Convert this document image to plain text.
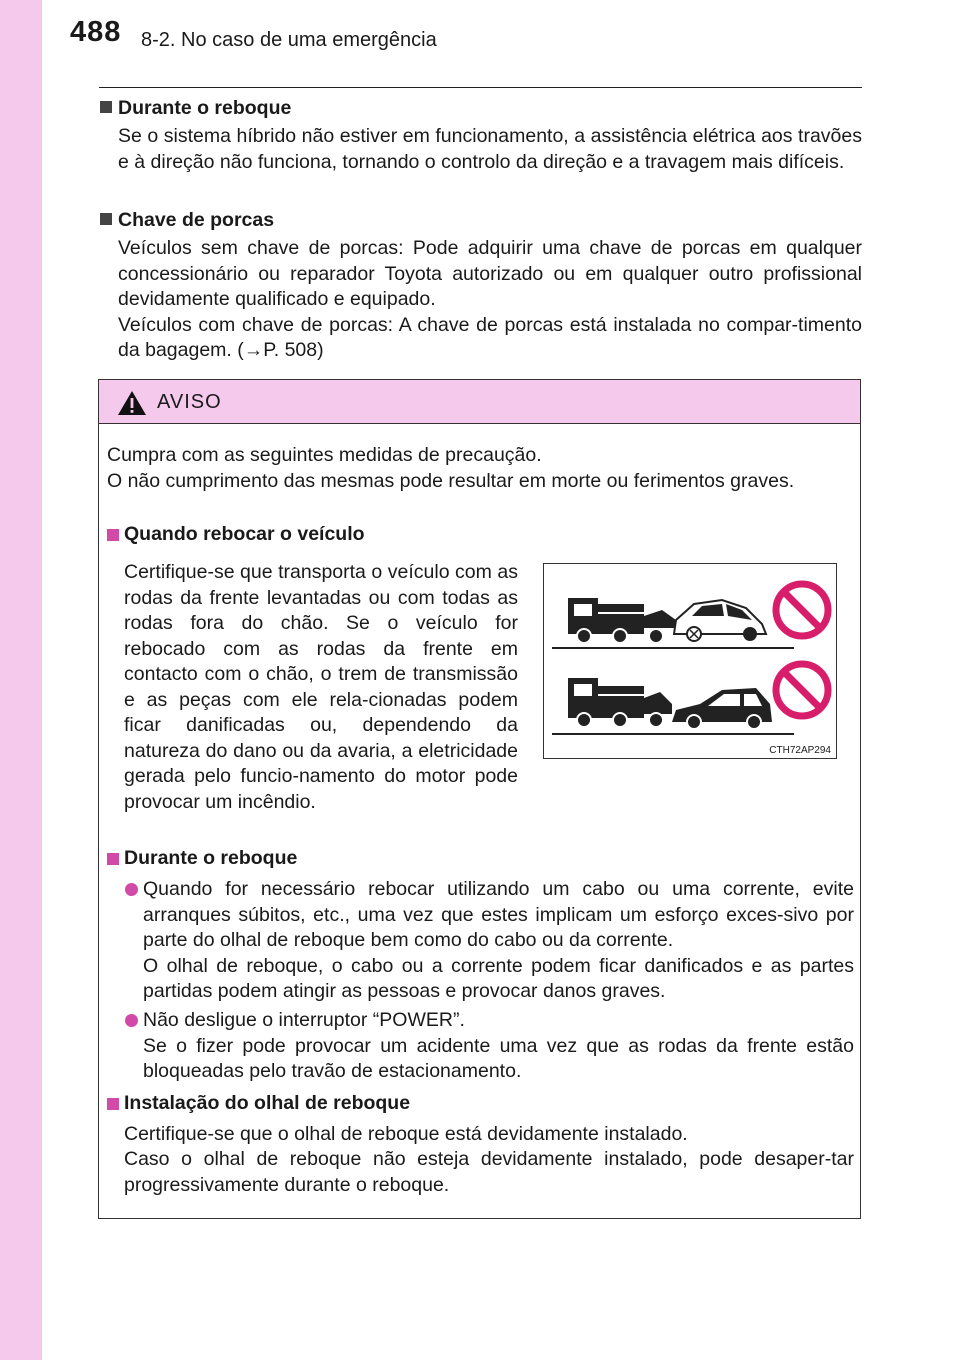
488 8-2. No caso de uma emergência
Durante o reboque
Se o sistema híbrido não estiver em funcionamento, a assistência elétrica aos travões e à direção não funciona, tornando o controlo da direção e a travagem mais difíceis.
Chave de porcas
Veículos sem chave de porcas: Pode adquirir uma chave de porcas em qualquer concessionário ou reparador Toyota autorizado ou em qualquer outro profissional devidamente qualificado e equipado.
Veículos com chave de porcas: A chave de porcas está instalada no compar-timento da bagagem. (→P. 508)
AVISO
Cumpra com as seguintes medidas de precaução.
O não cumprimento das mesmas pode resultar em morte ou ferimentos graves.
Quando rebocar o veículo
Certifique-se que transporta o veículo com as rodas da frente levantadas ou com todas as rodas fora do chão. Se o veículo for rebocado com as rodas da frente em contacto com o chão, o trem de transmissão e as peças com ele rela-cionadas podem ficar danificadas ou, dependendo da natureza do dano ou da avaria, a eletricidade gerada pelo funcio-namento do motor pode provocar um incêndio.
Durante o reboque
Quando for necessário rebocar utilizando um cabo ou uma corrente, evite arranques súbitos, etc., uma vez que estes implicam um esforço exces-sivo por parte do olhal de reboque bem como do cabo ou da corrente.
O olhal de reboque, o cabo ou a corrente podem ficar danificados e as partes partidas podem atingir as pessoas e provocar danos graves.
Não desligue o interruptor “POWER”.
Se o fizer pode provocar um acidente uma vez que as rodas da frente estão bloqueadas pelo travão de estacionamento.
Instalação do olhal de reboque
Certifique-se que o olhal de reboque está devidamente instalado.
Caso o olhal de reboque não esteja devidamente instalado, pode desaper-tar progressivamente durante o reboque.
CTH72AP294
